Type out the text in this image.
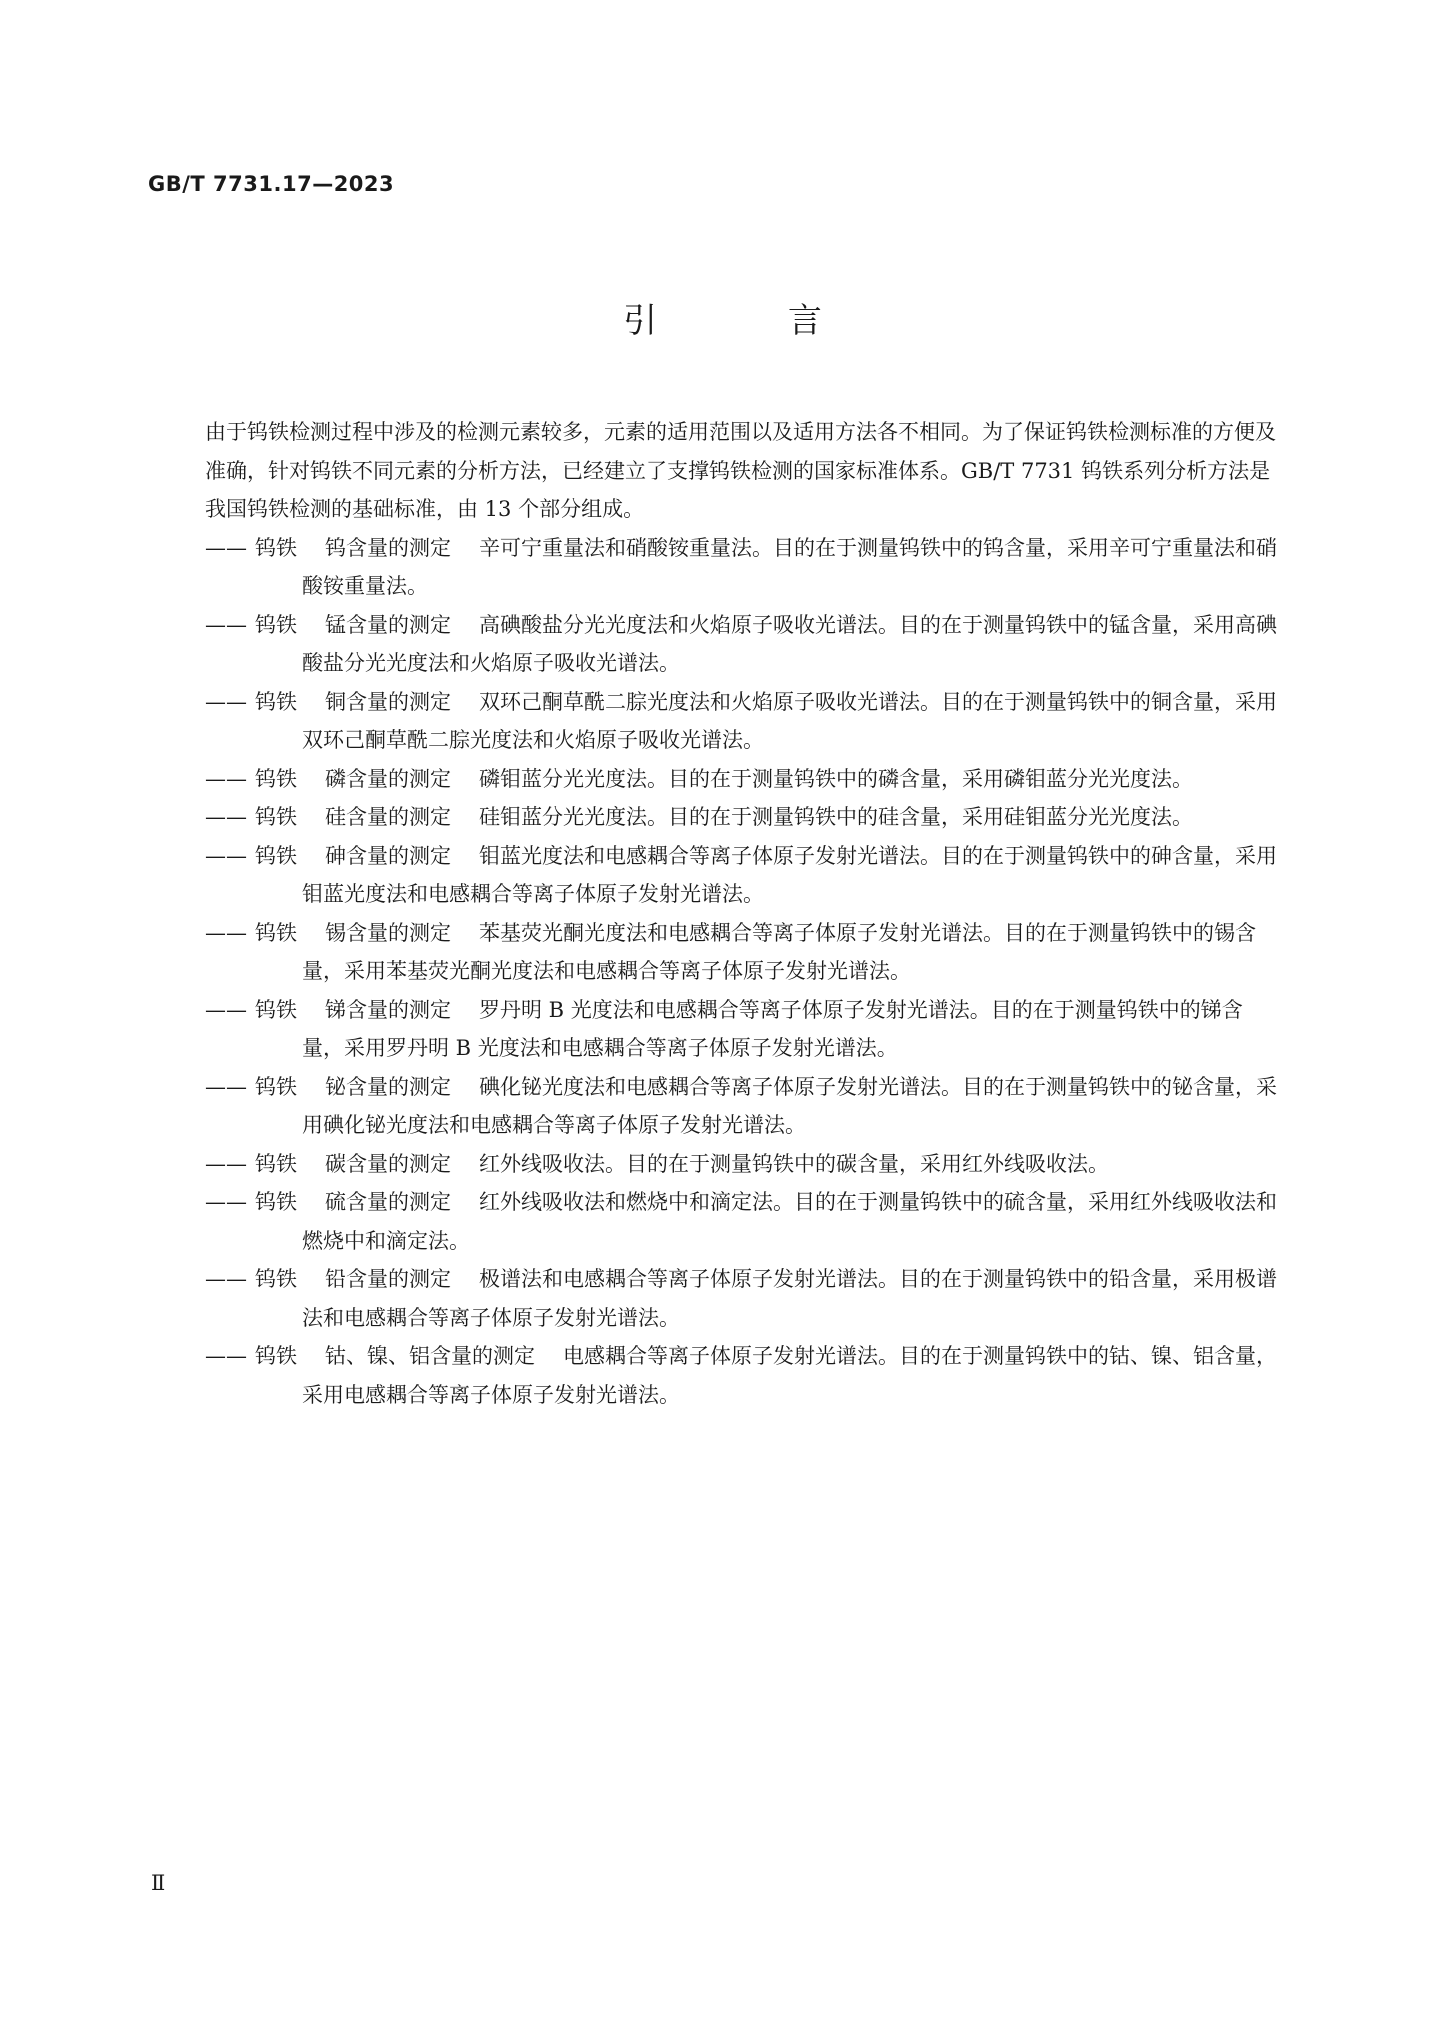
GB/T 7731.17—2023
引 言

由于钨铁检测过程中涉及的检测元素较多，元素的适用范围以及适用方法各不相同。为了保证钨铁检测标准的方便及准确，针对钨铁不同元素的分析方法，已经建立了支撑钨铁检测的国家标准体系。GB/T 7731 钨铁系列分析方法是我国钨铁检测的基础标准，由 13 个部分组成。

—— 钨铁 钨含量的测定 辛可宁重量法和硝酸铵重量法。目的在于测量钨铁中的钨含量，采用辛可宁重量法和硝酸铵重量法。
—— 钨铁 锰含量的测定 高碘酸盐分光光度法和火焰原子吸收光谱法。目的在于测量钨铁中的锰含量，采用高碘酸盐分光光度法和火焰原子吸收光谱法。
—— 钨铁 铜含量的测定 双环己酮草酰二腙光度法和火焰原子吸收光谱法。目的在于测量钨铁中的铜含量，采用双环己酮草酰二腙光度法和火焰原子吸收光谱法。
—— 钨铁 磷含量的测定 磷钼蓝分光光度法。目的在于测量钨铁中的磷含量，采用磷钼蓝分光光度法。
—— 钨铁 硅含量的测定 硅钼蓝分光光度法。目的在于测量钨铁中的硅含量，采用硅钼蓝分光光度法。
—— 钨铁 砷含量的测定 钼蓝光度法和电感耦合等离子体原子发射光谱法。目的在于测量钨铁中的砷含量，采用钼蓝光度法和电感耦合等离子体原子发射光谱法。
—— 钨铁 锡含量的测定 苯基荧光酮光度法和电感耦合等离子体原子发射光谱法。目的在于测量钨铁中的锡含量，采用苯基荧光酮光度法和电感耦合等离子体原子发射光谱法。
—— 钨铁 锑含量的测定 罗丹明 B 光度法和电感耦合等离子体原子发射光谱法。目的在于测量钨铁中的锑含量，采用罗丹明 B 光度法和电感耦合等离子体原子发射光谱法。
—— 钨铁 铋含量的测定 碘化铋光度法和电感耦合等离子体原子发射光谱法。目的在于测量钨铁中的铋含量，采用碘化铋光度法和电感耦合等离子体原子发射光谱法。
—— 钨铁 碳含量的测定 红外线吸收法。目的在于测量钨铁中的碳含量，采用红外线吸收法。
—— 钨铁 硫含量的测定 红外线吸收法和燃烧中和滴定法。目的在于测量钨铁中的硫含量，采用红外线吸收法和燃烧中和滴定法。
—— 钨铁 铅含量的测定 极谱法和电感耦合等离子体原子发射光谱法。目的在于测量钨铁中的铅含量，采用极谱法和电感耦合等离子体原子发射光谱法。
—— 钨铁 钴、镍、铝含量的测定 电感耦合等离子体原子发射光谱法。目的在于测量钨铁中的钴、镍、铝含量，采用电感耦合等离子体原子发射光谱法。
Ⅱ
